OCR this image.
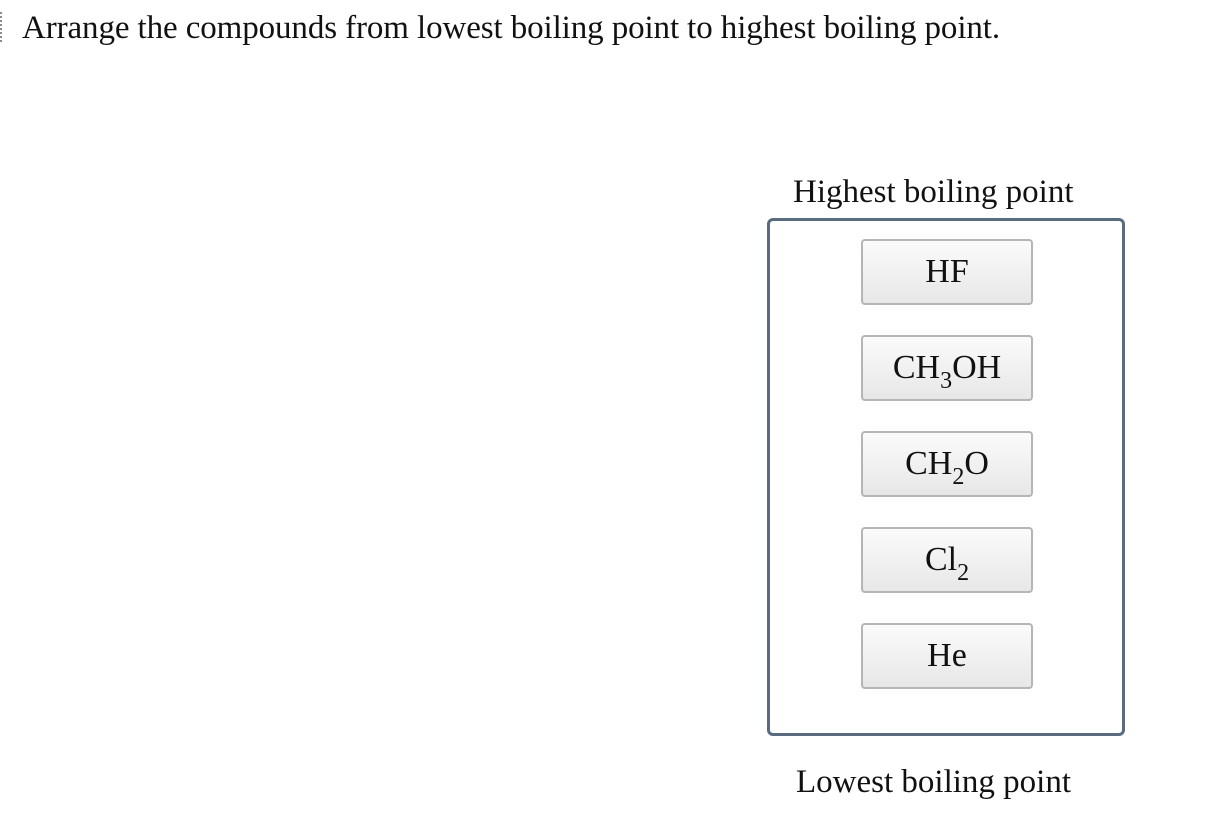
Arrange the compounds from lowest boiling point to highest boiling point.
Highest boiling point
HF
$CH_3OH$
$CH_2O$
$Cl_2$
He
Lowest boiling point
